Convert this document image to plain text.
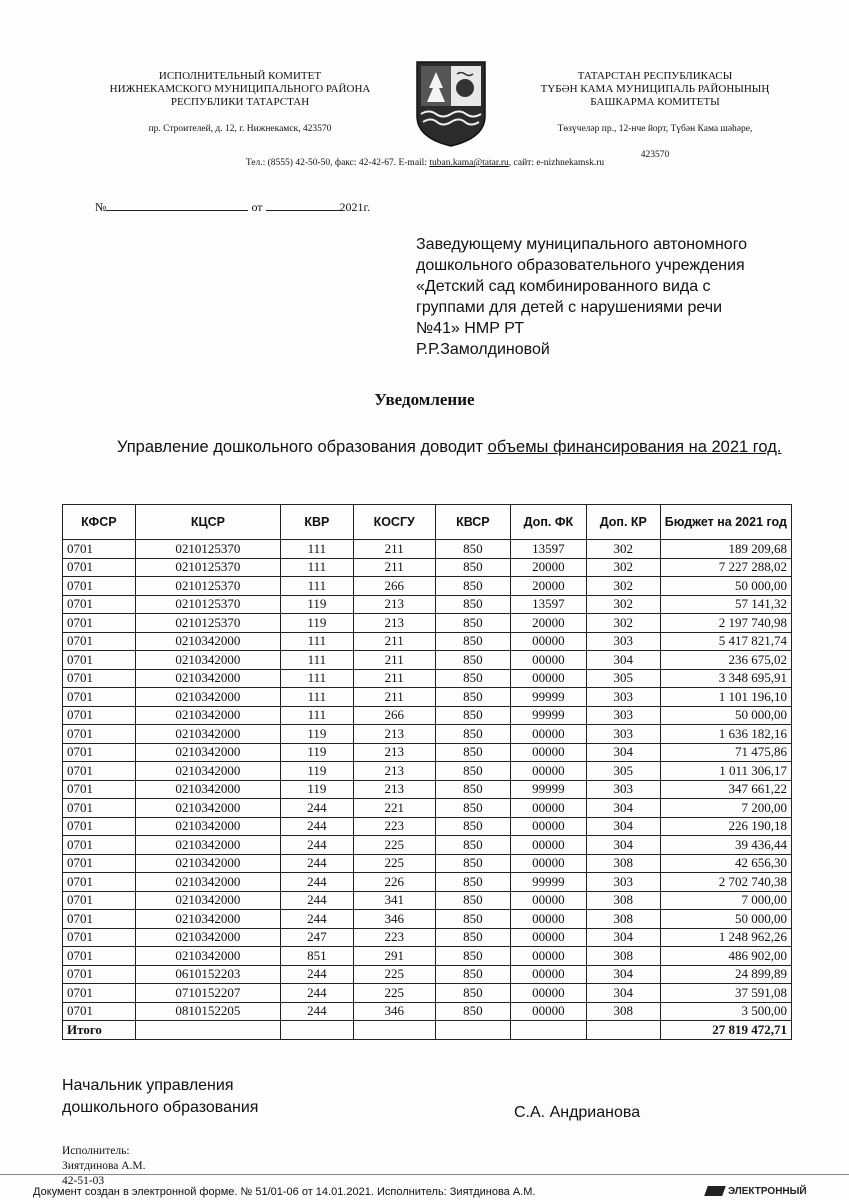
ИСПОЛНИТЕЛЬНЫЙ КОМИТЕТ
НИЖНЕКАМСКОГО МУНИЦИПАЛЬНОГО РАЙОНА
РЕСПУБЛИКИ ТАТАРСТАН
пр. Строителей, д. 12, г. Нижнекамск, 423570
ТАТАРСТАН РЕСПУБЛИКАСЫ
ТҮБӘН КАМА МУНИЦИПАЛЬ РАЙОНЫНЫҢ
БАШКАРМА КОМИТЕТЫ
Төзүчеләр пр., 12-нче йорт, Түбән Кама шәһәре,
423570
Тел.: (8555) 42-50-50, факс: 42-42-67. E-mail: tuban.kama@tatar.ru, сайт: e-nizhnekamsk.ru
№	от	2021г.
Заведующему муниципального автономного
дошкольного образовательного учреждения
«Детский сад комбинированного вида с
группами для детей с нарушениями речи
№41» НМР РТ
Р.Р.Замолдиновой
Уведомление
Управление дошкольного образования доводит объемы финансирования на 2021 год.
КФСР	КЦСР	КВР	КОСГУ	КВСР	Доп. ФК	Доп. КР	Бюджет на 2021 год
0701	0210125370	111	211	850	13597	302	189 209,68
0701	0210125370	111	211	850	20000	302	7 227 288,02
0701	0210125370	111	266	850	20000	302	50 000,00
0701	0210125370	119	213	850	13597	302	57 141,32
0701	0210125370	119	213	850	20000	302	2 197 740,98
0701	0210342000	111	211	850	00000	303	5 417 821,74
0701	0210342000	111	211	850	00000	304	236 675,02
0701	0210342000	111	211	850	00000	305	3 348 695,91
0701	0210342000	111	211	850	99999	303	1 101 196,10
0701	0210342000	111	266	850	99999	303	50 000,00
0701	0210342000	119	213	850	00000	303	1 636 182,16
0701	0210342000	119	213	850	00000	304	71 475,86
0701	0210342000	119	213	850	00000	305	1 011 306,17
0701	0210342000	119	213	850	99999	303	347 661,22
0701	0210342000	244	221	850	00000	304	7 200,00
0701	0210342000	244	223	850	00000	304	226 190,18
0701	0210342000	244	225	850	00000	304	39 436,44
0701	0210342000	244	225	850	00000	308	42 656,30
0701	0210342000	244	226	850	99999	303	2 702 740,38
0701	0210342000	244	341	850	00000	308	7 000,00
0701	0210342000	244	346	850	00000	308	50 000,00
0701	0210342000	247	223	850	00000	304	1 248 962,26
0701	0210342000	851	291	850	00000	308	486 902,00
0701	0610152203	244	225	850	00000	304	24 899,89
0701	0710152207	244	225	850	00000	304	37 591,08
0701	0810152205	244	346	850	00000	308	3 500,00
Итого							27 819 472,71
Начальник управления
дошкольного образования	С.А. Андрианова
Исполнитель:
Зиятдинова А.М.
42-51-03
Документ создан в электронной форме. № 51/01-06 от 14.01.2021. Исполнитель: Зиятдинова А.М.	ЭЛЕКТРОННЫЙ
